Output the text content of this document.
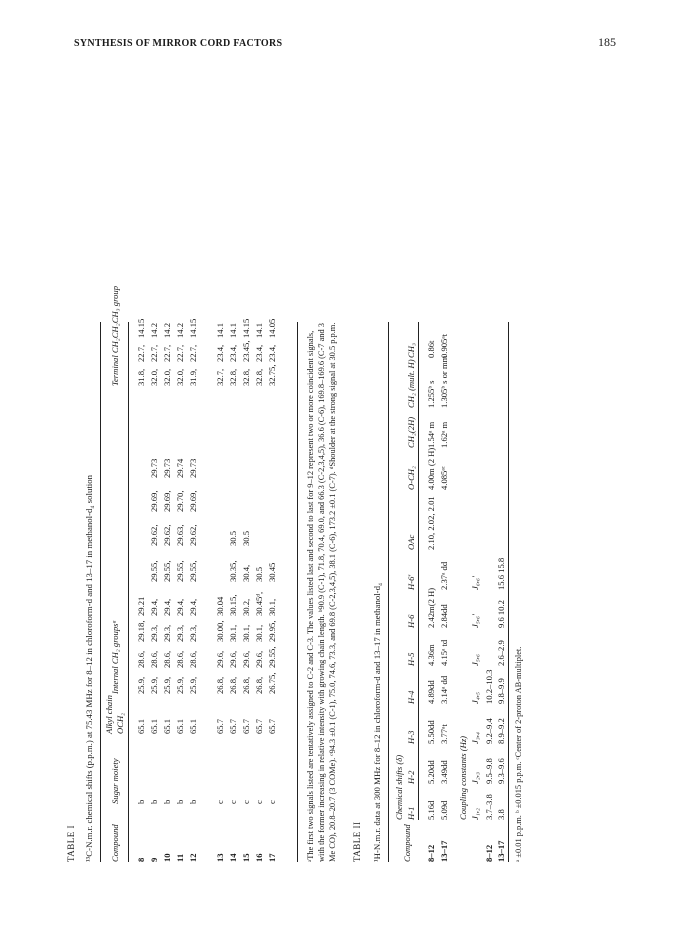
SYNTHESIS OF MIRROR CORD FACTORS	185
TABLE I ¹³C-N.m.r. chemical shifts (p.p.m.) at 75.43 MHz for 8–12 in chloroform-d and 13–17 in methanol-d₄ solution Compound
Sugar moiety
Alkyl chain OCH₂
Internal CH₂ groupsᵃ
Terminal CH₂CH₂CH₃ group
8
b
65.1
25.9,
28.6,
29.18,
29.21
31.8,
22.7,
14.15
9
b
65.1
25.9,
28.6,
29.3,
29.4,
29.55,
29.62,
29.69,
29.73
32.0,
22.7,
14.2
10
b
65.1
25.9,
28.6,
29.3,
29.4,
29.55,
29.62,
29.69,
29.73
32.0,
22.7,
14.2
11
b
65.1
25.9,
28.6,
29.3,
29.4,
29.55,
29.63,
29.70,
29.74
32.0,
22.7,
14.2
12
b
65.1
25.9,
28.6,
29.3,
29.4,
29.55,
29.62,
29.69,
29.73
31.9,
22.7,
14.15
13
c
65.7
26.8,
29.6,
30.00,
30.04
32.7,
23.4,
14.1
14
c
65.7
26.8,
29.6,
30.1,
30.15,
30.35,
30.5
32.8,
23.4,
14.1
15
c
65.7
26.8,
29.6,
30.1,
30.2,
30.4,
30.5
32.8,
23.45,
14.15
16
c
65.7
26.8,
29.6,
30.1,
30.45ᵈ,
30.5
32.8,
23.4,
14.1
17
c
65.7
26.75,
29.55,
29.95,
30.1,
30.45
32.75,
23.4,
14.05

ᵃThe first two signals listed are tentatively assigned to C-2 and C-3. The values listed last and second to last for 9–12 represent two or more coincident signals, with the former increasing in relative intensity with growing chain length. ᵇ90.9 (C-1), 71.8, 70.4, 69.0, and 66.3 (C-2,3,4,5), 36.6 (C-6), 169.8–169.6 (C-7 and 3 Me CO), 20.8–20.7 (3 COMe). ᶜ94.3 ±0.1 (C-1), 75.0, 74.6, 73.3, and 69.8 (C-2,3,4,5), 38.1 (C-6), 173.2 ±0.1 (C-7). ᵈShoulder at the strong signal at 30.5 p.p.m. TABLE II ¹H-N.m.r. data at 300 MHz for 8–12 in chloroform-d and 13–17 in methanol-d₄ Compound
Chemical shifts (δ) H-1
H-2
H-3
H-4
H-5
H-6
H-6'
OAc
O-CH₂
CH₂(2H)
CH₂ (mult. H)
CH₃
8–12
5.16d
5.20dd
5.50dd
4.89dd
4.36m
2.42m(2 H)
2.10, 2.02, 2.01
4.00m (2 H)
1.54ᵃ m
1.255ᵇ s
0.86t
13–17
5.09d
3.49dd
3.77ᵃt
3.14ᵃ dd
4.15ᵃ td
2.84dd
2.37ᵃ dd
4.085ᵃᶜ
1.62ᵃ m
1.305ᵇ s or mm
0.905ᵃt
Coupling constants (Hz) J₁,₂
J₂,₃
J₃,₄
J₄,₅
J₅,₆
J₅,₆'
J₆,₆'
8–12
3.7–3.8
9.5–9.8
9.2–9.4
10.2–10.3
13–17
3.8
9.3–9.6
8.9–9.2
9.8–9.9
2.6–2.9
9.6 10.2
15.6 15.8

ᵃ ±0.01 p.p.m. ᵇ ±0.015 p.p.m. ᶜCenter of 2-proton AB-multiplet.
